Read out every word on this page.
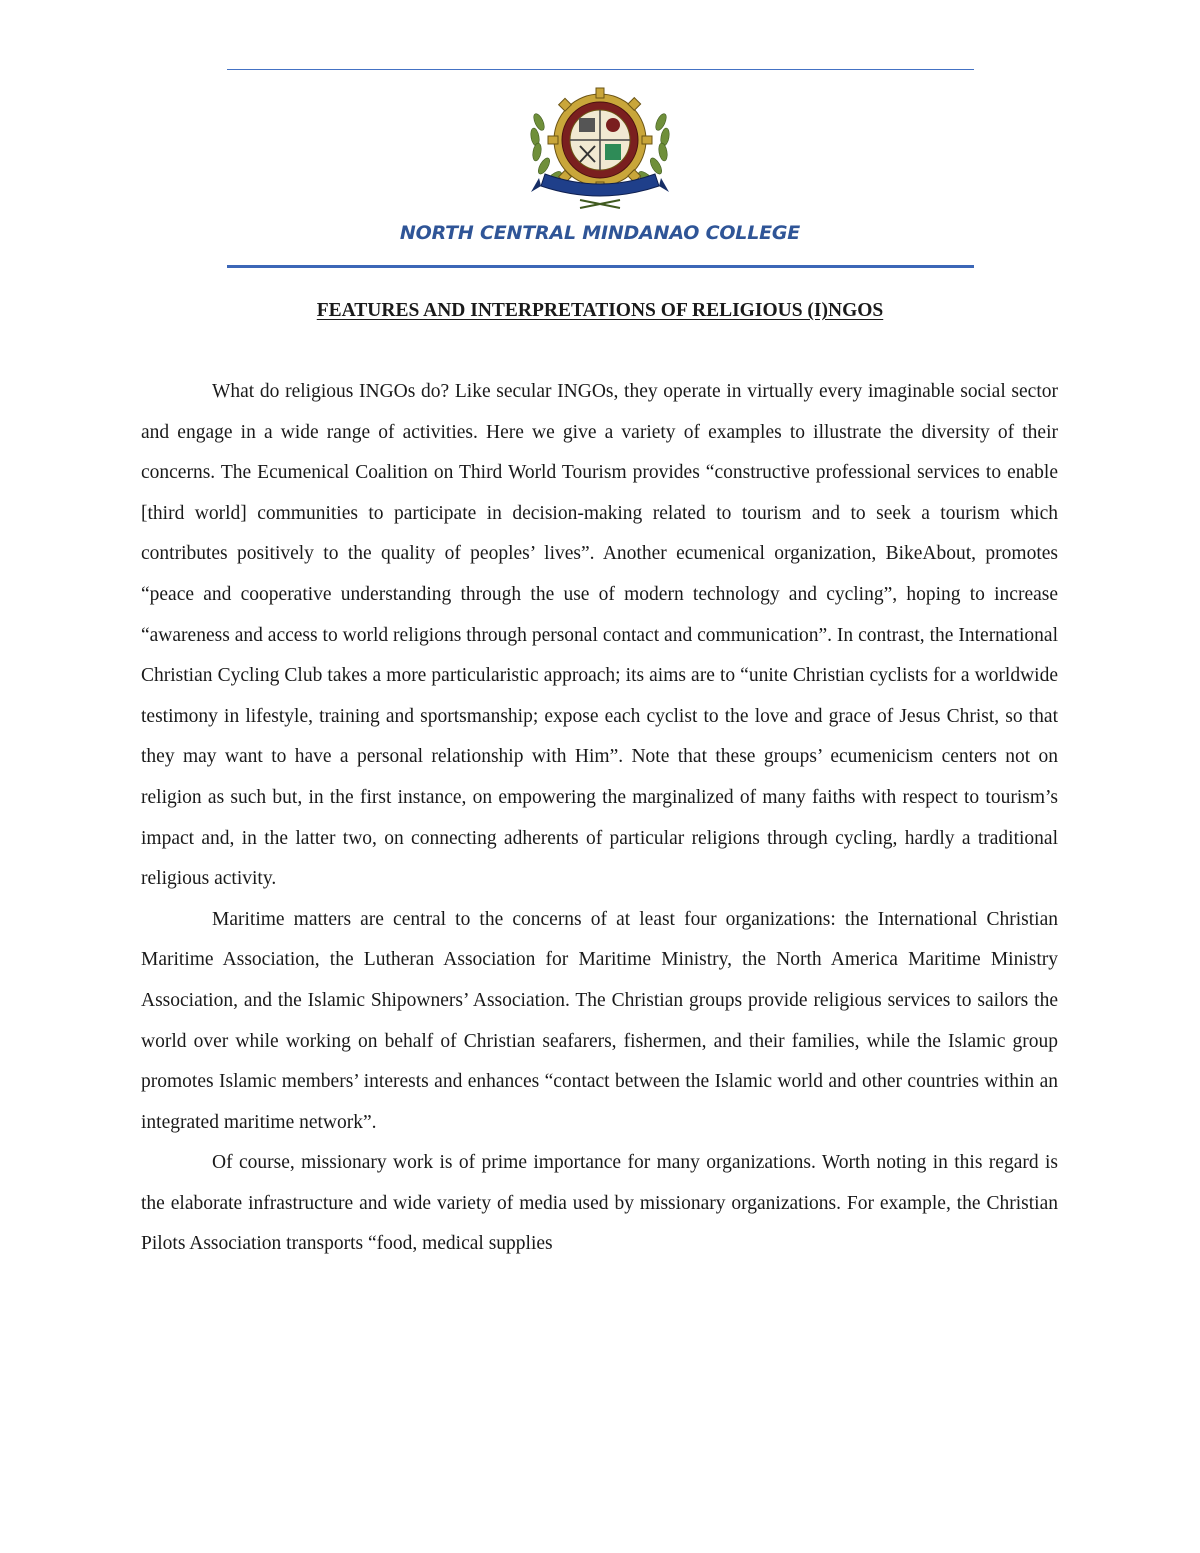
NORTH CENTRAL MINDANAO COLLEGE
FEATURES AND INTERPRETATIONS OF RELIGIOUS (I)NGOS

What do religious INGOs do? Like secular INGOs, they operate in virtually every imaginable social sector and engage in a wide range of activities. Here we give a variety of examples to illustrate the diversity of their concerns. The Ecumenical Coalition on Third World Tourism provides “constructive professional services to enable [third world] communities to participate in decision-making related to tourism and to seek a tourism which contributes positively to the quality of peoples’ lives”. Another ecumenical organization, BikeAbout, promotes “peace and cooperative understanding through the use of modern technology and cycling”, hoping to increase “awareness and access to world religions through personal contact and communication”. In contrast, the International Christian Cycling Club takes a more particularistic approach; its aims are to “unite Christian cyclists for a worldwide testimony in lifestyle, training and sportsmanship; expose each cyclist to the love and grace of Jesus Christ, so that they may want to have a personal relationship with Him”. Note that these groups’ ecumenicism centers not on religion as such but, in the first instance, on empowering the marginalized of many faiths with respect to tourism’s impact and, in the latter two, on connecting adherents of particular religions through cycling, hardly a traditional religious activity.

Maritime matters are central to the concerns of at least four organizations: the International Christian Maritime Association, the Lutheran Association for Maritime Ministry, the North America Maritime Ministry Association, and the Islamic Shipowners’ Association. The Christian groups provide religious services to sailors the world over while working on behalf of Christian seafarers, fishermen, and their families, while the Islamic group promotes Islamic members’ interests and enhances “contact between the Islamic world and other countries within an integrated maritime network”.

Of course, missionary work is of prime importance for many organizations. Worth noting in this regard is the elaborate infrastructure and wide variety of media used by missionary organizations. For example, the Christian Pilots Association transports “food, medical supplies
